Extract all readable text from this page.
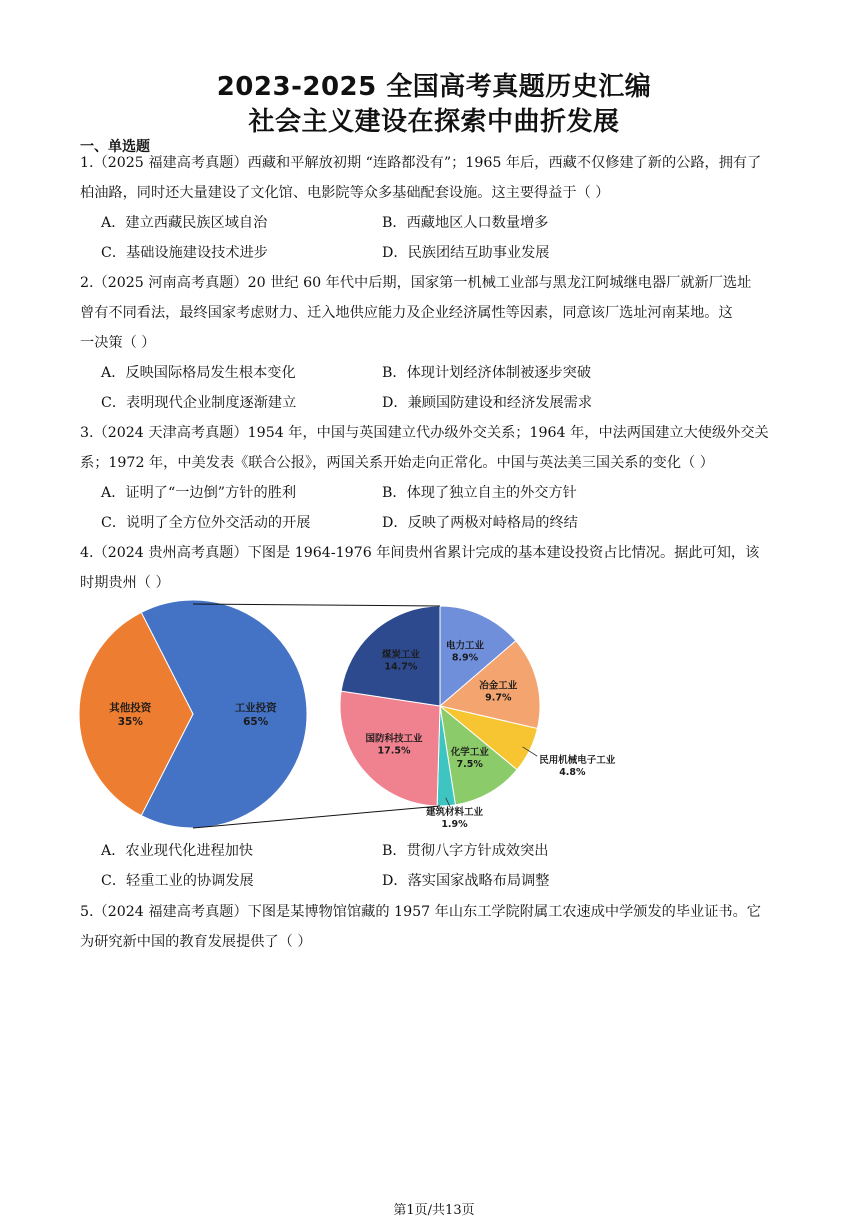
2023-2025 全国高考真题历史汇编
社会主义建设在探索中曲折发展
一、单选题
1.（2025 福建高考真题）西藏和平解放初期 “连路都没有”；1965 年后，西藏不仅修建了新的公路，拥有了
柏油路，同时还大量建设了文化馆、电影院等众多基础配套设施。这主要得益于（ ）
A．建立西藏民族区域自治	B．西藏地区人口数量增多
C．基础设施建设技术进步	D．民族团结互助事业发展
2.（2025 河南高考真题）20 世纪 60 年代中后期，国家第一机械工业部与黑龙江阿城继电器厂就新厂选址
曾有不同看法，最终国家考虑财力、迁入地供应能力及企业经济属性等因素，同意该厂选址河南某地。这
一决策（ ）
A．反映国际格局发生根本变化	B．体现计划经济体制被逐步突破
C．表明现代企业制度逐渐建立	D．兼顾国防建设和经济发展需求
3.（2024 天津高考真题）1954 年，中国与英国建立代办级外交关系；1964 年，中法两国建立大使级外交关
系；1972 年，中美发表《联合公报》，两国关系开始走向正常化。中国与英法美三国关系的变化（ ）
A．证明了“一边倒”方针的胜利	B．体现了独立自主的外交方针
C．说明了全方位外交活动的开展	D．反映了两极对峙格局的终结
4.（2024 贵州高考真题）下图是 1964-1976 年间贵州省累计完成的基本建设投资占比情况。据此可知，该
时期贵州（ ）
工业投资
65%
其他投资
35%
电力工业
8.9%
冶金工业
9.7%
民用机械电子工业
4.8%
化学工业
7.5%
建筑材料工业
1.9%
国防科技工业
17.5%
煤炭工业
14.7%
A．农业现代化进程加快	B．贯彻八字方针成效突出
C．轻重工业的协调发展	D．落实国家战略布局调整
5.（2024 福建高考真题）下图是某博物馆馆藏的 1957 年山东工学院附属工农速成中学颁发的毕业证书。它
为研究新中国的教育发展提供了（ ）
第1页/共13页
